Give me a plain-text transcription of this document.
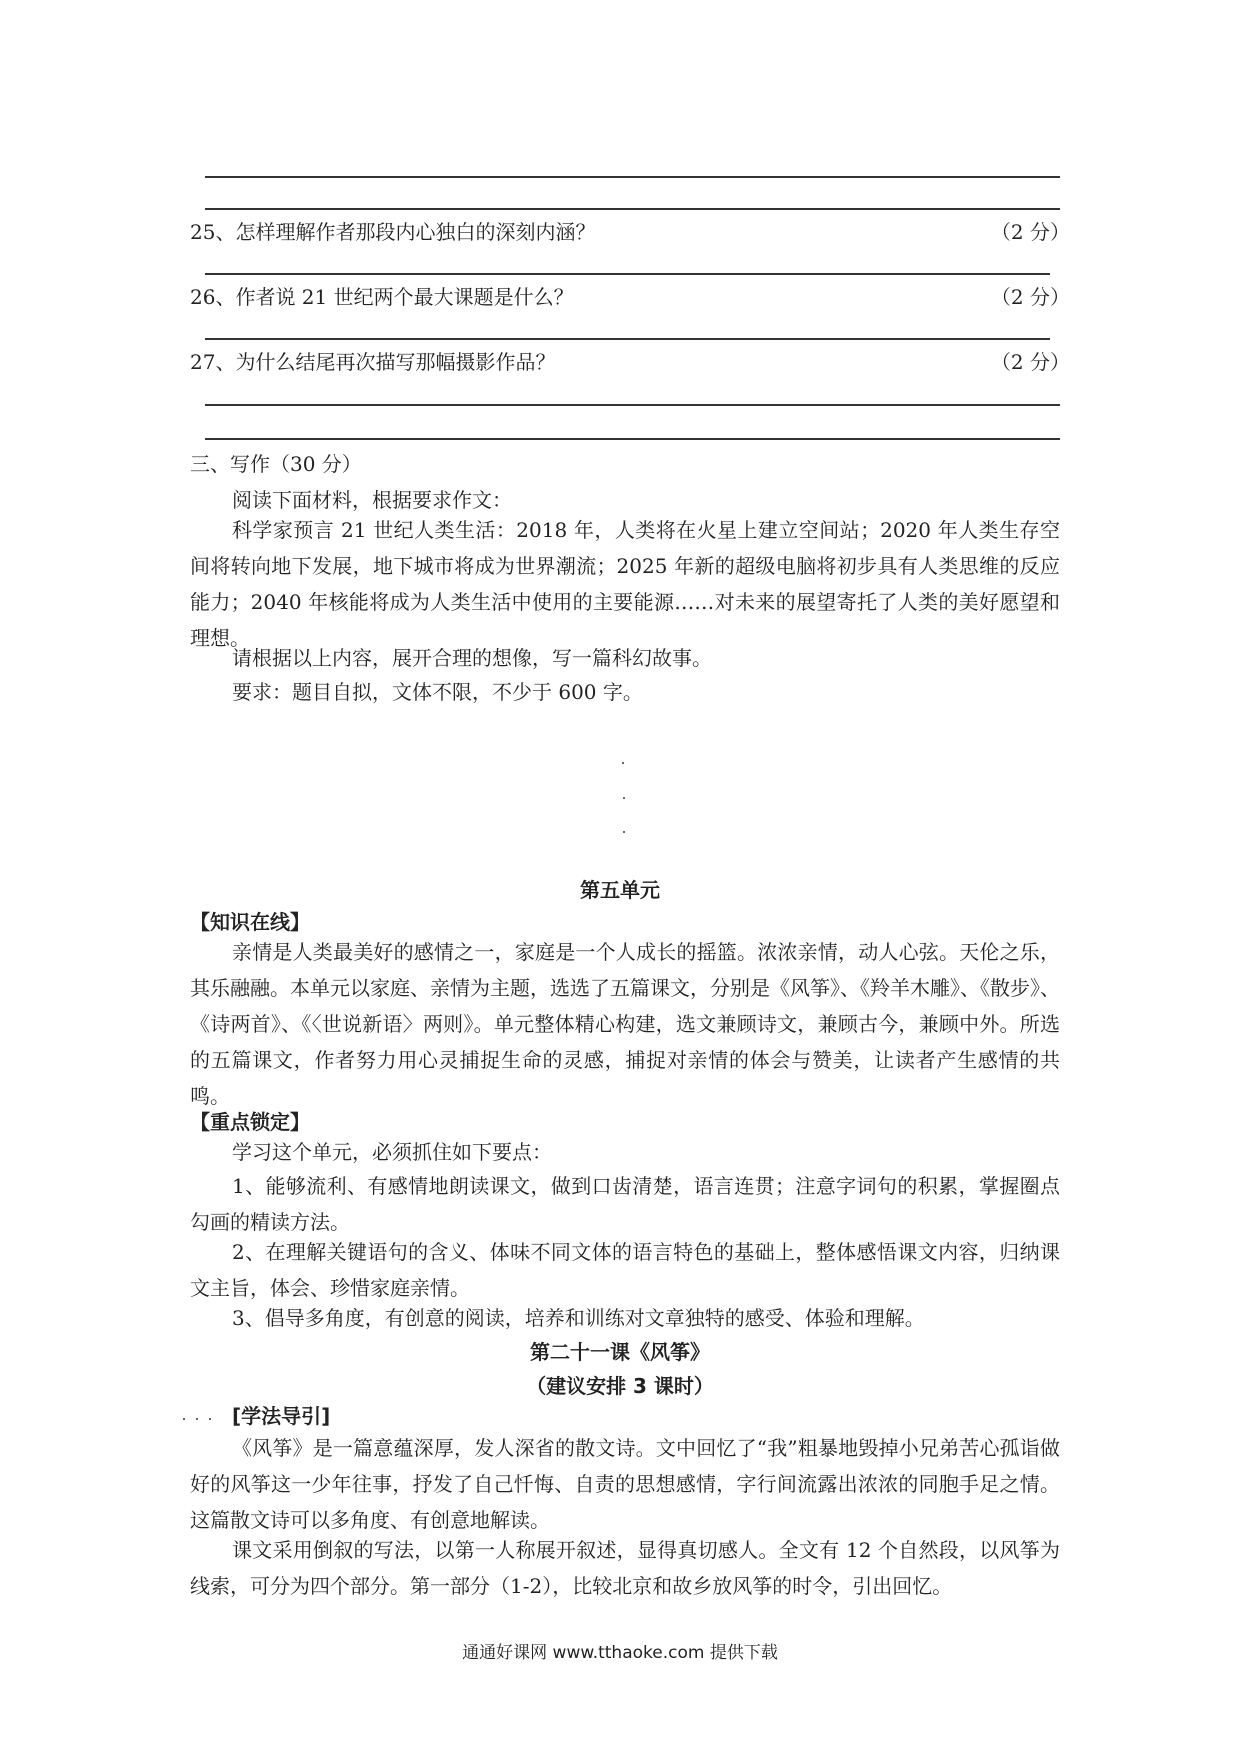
25、怎样理解作者那段内心独白的深刻内涵？	（2 分）
26、作者说 21 世纪两个最大课题是什么？	（2 分）
27、为什么结尾再次描写那幅摄影作品？	（2 分）
三、写作（30 分）
阅读下面材料，根据要求作文：
科学家预言 21 世纪人类生活：2018 年，人类将在火星上建立空间站；2020 年人类生存空间将转向地下发展，地下城市将成为世界潮流；2025 年新的超级电脑将初步具有人类思维的反应能力；2040 年核能将成为人类生活中使用的主要能源……对未来的展望寄托了人类的美好愿望和理想。
请根据以上内容，展开合理的想像，写一篇科幻故事。
要求：题目自拟，文体不限，不少于 600 字。
第五单元
【知识在线】
亲情是人类最美好的感情之一，家庭是一个人成长的摇篮。浓浓亲情，动人心弦。天伦之乐，其乐融融。本单元以家庭、亲情为主题，选选了五篇课文，分别是《风筝》、《羚羊木雕》、《散步》、《诗两首》、《〈世说新语〉两则》。单元整体精心构建，选文兼顾诗文，兼顾古今，兼顾中外。所选的五篇课文，作者努力用心灵捕捉生命的灵感，捕捉对亲情的体会与赞美，让读者产生感情的共鸣。
【重点锁定】
学习这个单元，必须抓住如下要点：
1、能够流利、有感情地朗读课文，做到口齿清楚，语言连贯；注意字词句的积累，掌握圈点勾画的精读方法。
2、在理解关键语句的含义、体味不同文体的语言特色的基础上，整体感悟课文内容，归纳课文主旨，体会、珍惜家庭亲情。
3、倡导多角度，有创意的阅读，培养和训练对文章独特的感受、体验和理解。
第二十一课《风筝》
（建议安排 3 课时）
[学法导引]
《风筝》是一篇意蕴深厚，发人深省的散文诗。文中回忆了“我”粗暴地毁掉小兄弟苦心孤诣做好的风筝这一少年往事，抒发了自己忏悔、自责的思想感情，字行间流露出浓浓的同胞手足之情。这篇散文诗可以多角度、有创意地解读。
课文采用倒叙的写法，以第一人称展开叙述，显得真切感人。全文有 12 个自然段，以风筝为线索，可分为四个部分。第一部分（1-2），比较北京和故乡放风筝的时令，引出回忆。
通通好课网 www.tthaoke.com 提供下载
